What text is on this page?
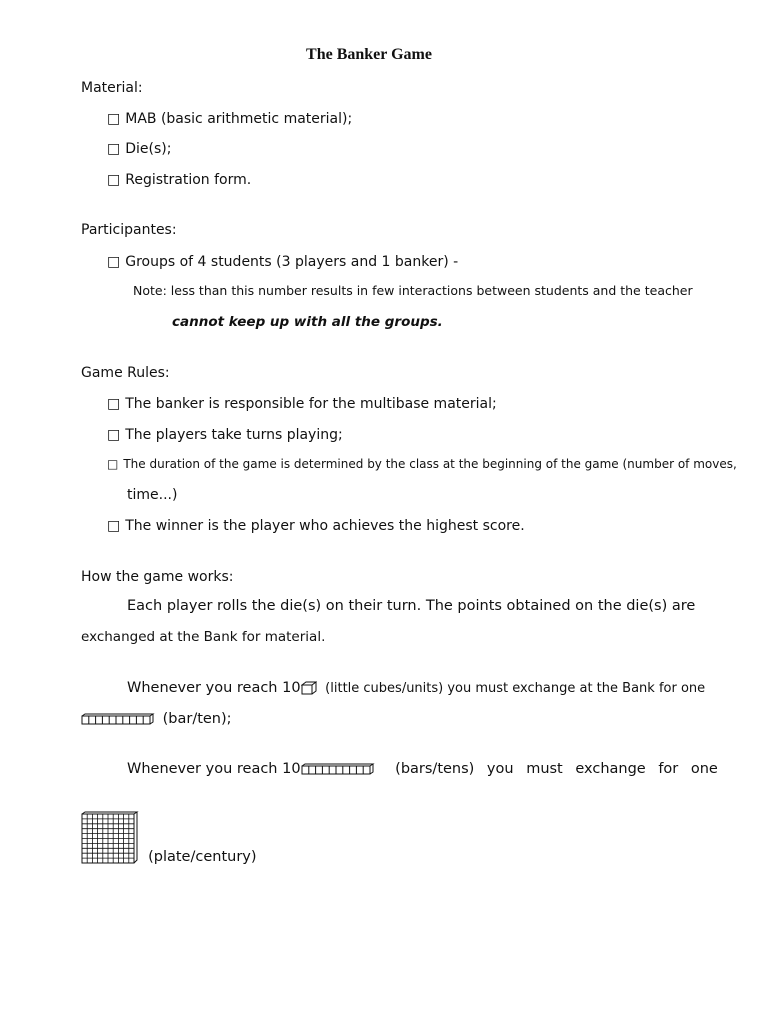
The Banker Game
Material:
□ MAB (basic arithmetic material);
□ Die(s);
□ Registration form.
Participantes:
□ Groups of 4 students (3 players and 1 banker) -
Note: less than this number results in few interactions between students and the teacher
cannot keep up with all the groups.
Game Rules:
□ The banker is responsible for the multibase material;
□ The players take turns playing;
□ The duration of the game is determined by the class at the beginning of the game (number of moves,
time...)
□ The winner is the player who achieves the highest score.
How the game works:
Each player rolls the die(s) on their turn. The points obtained on the die(s) are
exchanged at the Bank for material.
Whenever you reach 10 (little cubes/units) you must exchange at the Bank for one
(bar/ten);
Whenever you reach 10	(bars/tens) you must exchange for one
(plate/century)
